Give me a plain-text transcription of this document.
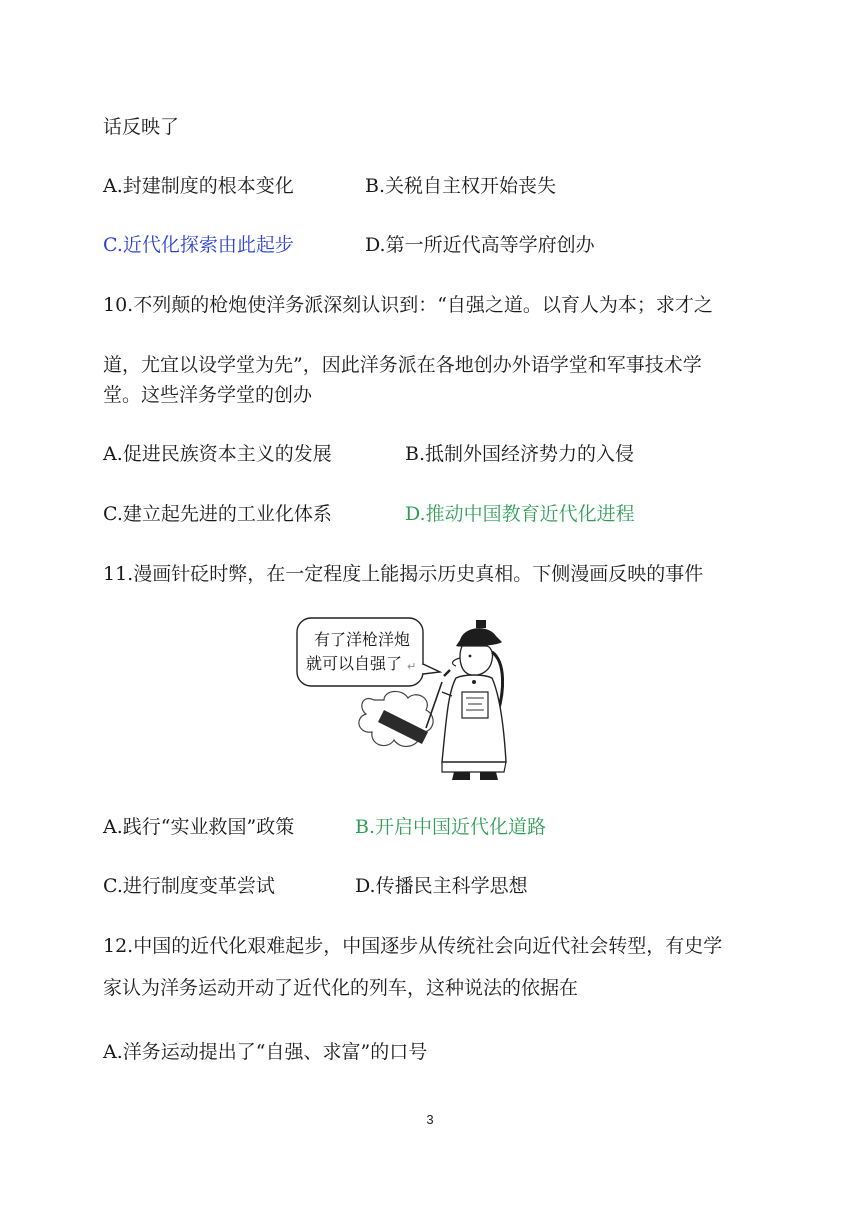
话反映了
A.封建制度的根本变化	B.关税自主权开始丧失
C.近代化探索由此起步	D.第一所近代高等学府创办
10.不列颠的枪炮使洋务派深刻认识到：“自强之道。以育人为本；求才之
道，尤宜以设学堂为先”，因此洋务派在各地创办外语学堂和军事技术学
堂。这些洋务学堂的创办
A.促进民族资本主义的发展	B.抵制外国经济势力的入侵
C.建立起先进的工业化体系	D.推动中国教育近代化进程
11.漫画针砭时弊，在一定程度上能揭示历史真相。下侧漫画反映的事件
有了洋枪洋炮
就可以自强了 ↵
A.践行“实业救国”政策	B.开启中国近代化道路
C.进行制度变革尝试	D.传播民主科学思想
12.中国的近代化艰难起步，中国逐步从传统社会向近代社会转型，有史学
家认为洋务运动开动了近代化的列车，这种说法的依据在
A.洋务运动提出了“自强、求富”的口号
3
